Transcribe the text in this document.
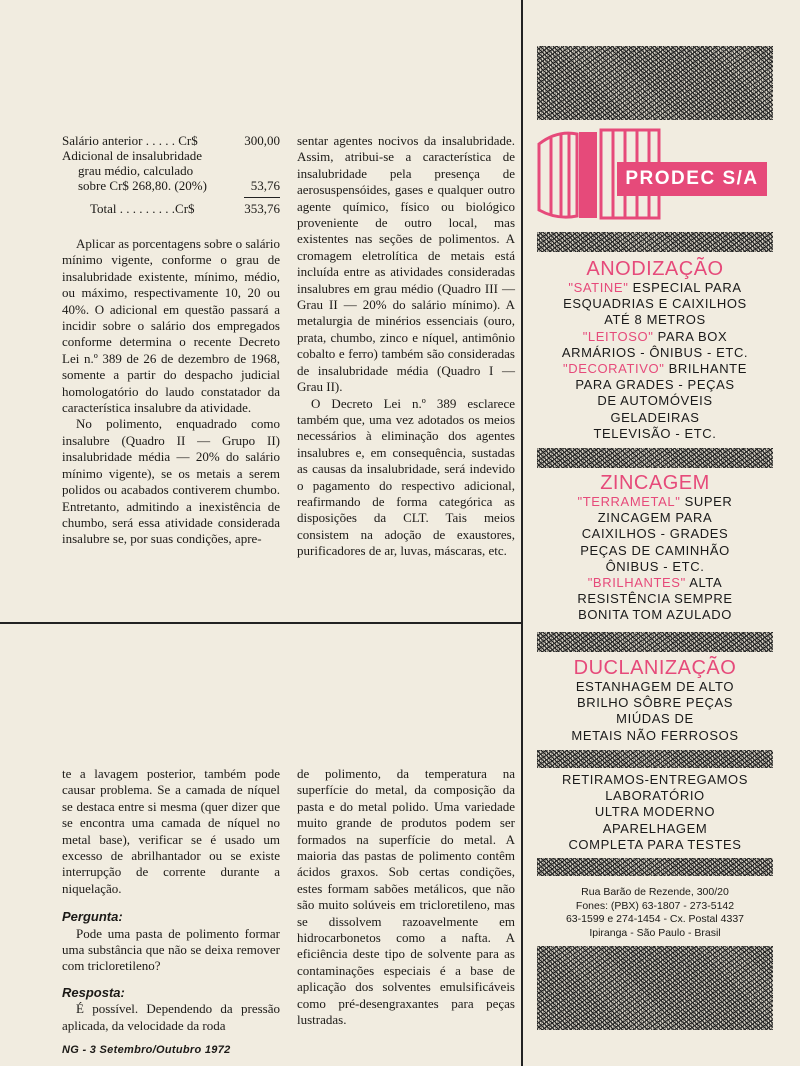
Salário anterior . . . . . Cr$	300,00
Adicional de insalubridade
grau médio, calculado
sobre Cr$ 268,80. (20%)	53,76
Total . . . . . . . . .Cr$	353,76

Aplicar as porcentagens sobre o salário mínimo vigente, conforme o grau de insalubridade existente, mínimo, médio, ou máximo, respectivamente 10, 20 ou 40%. O adicional em questão passará a incidir sobre o salário dos empregados conforme determina o recente Decreto Lei n.º 389 de 26 de dezembro de 1968, somente a partir do despacho judicial homologatório do laudo constatador da característica insalubre da atividade.

No polimento, enquadrado como insalubre (Quadro II — Grupo II) insalubridade média — 20% do salário mínimo vigente), se os metais a serem polidos ou acabados contiverem chumbo. Entretanto, admitindo a inexistência de chumbo, será essa atividade considerada insalubre se, por suas condições, apre-

sentar agentes nocivos da insalubridade. Assim, atribui-se a característica de insalubridade pela presença de aerosuspensóides, gases e qualquer outro agente químico, físico ou biológico proveniente de outro local, mas existentes nas seções de polimentos. A cromagem eletrolítica de metais está incluída entre as atividades consideradas insalubres em grau médio (Quadro III — Grau II — 20% do salário mínimo). A metalurgia de minérios essenciais (ouro, prata, chumbo, zinco e níquel, antimônio cobalto e ferro) também são consideradas de insalubridade média (Quadro I — Grau II).

O Decreto Lei n.º 389 esclarece também que, uma vez adotados os meios necessários à eliminação dos agentes insalubres e, em consequência, sustadas as causas da insalubridade, será indevido o pagamento do respectivo adicional, reafirmando de forma categórica as disposições da CLT. Tais meios consistem na adoção de exaustores, purificadores de ar, luvas, máscaras, etc.

te a lavagem posterior, também pode causar problema. Se a camada de níquel se destaca entre si mesma (quer dizer que se encontra uma camada de níquel no metal base), verificar se é usado um excesso de abrilhantador ou se existe interrupção de corrente durante a niquelação.

Pergunta:

Pode uma pasta de polimento formar uma substância que não se deixa remover com tricloretileno?

Resposta:

É possível. Dependendo da pressão aplicada, da velocidade da roda

de polimento, da temperatura na superfície do metal, da composição da pasta e do metal polido. Uma variedade muito grande de produtos podem ser formados na superfície do metal. A maioria das pastas de polimento contêm ácidos graxos. Sob certas condições, estes formam sabões metálicos, que não são muito solúveis em tricloretileno, mas se dissolvem razoavelmente em hidrocarbonetos como a nafta. A eficiência deste tipo de solvente para as contaminações especiais é a base de aplicação dos solventes emulsificáveis como pré-desengraxantes para peças lustradas.

NG - 3 Setembro/Outubro 1972
PRODEC S/A
ANODIZAÇÃO
"SATINE" ESPECIAL PARA
ESQUADRIAS E CAIXILHOS
ATÉ 8 METROS
"LEITOSO" PARA BOX
ARMÁRIOS - ÔNIBUS - ETC.
"DECORATIVO" BRILHANTE
PARA GRADES - PEÇAS
DE AUTOMÓVEIS
GELADEIRAS
TELEVISÃO - ETC.
ZINCAGEM
"TERRAMETAL" SUPER
ZINCAGEM PARA
CAIXILHOS - GRADES
PEÇAS DE CAMINHÃO
ÔNIBUS - ETC.
"BRILHANTES" ALTA
RESISTÊNCIA SEMPRE
BONITA TOM AZULADO
DUCLANIZAÇÃO
ESTANHAGEM DE ALTO
BRILHO SÔBRE PEÇAS
MIÚDAS DE
METAIS NÃO FERROSOS
RETIRAMOS-ENTREGAMOS
LABORATÓRIO
ULTRA MODERNO
APARELHAGEM
COMPLETA PARA TESTES
Rua Barão de Rezende, 300/20
Fones: (PBX) 63-1807 - 273-5142
63-1599 e 274-1454 - Cx. Postal 4337
Ipiranga - São Paulo - Brasil
